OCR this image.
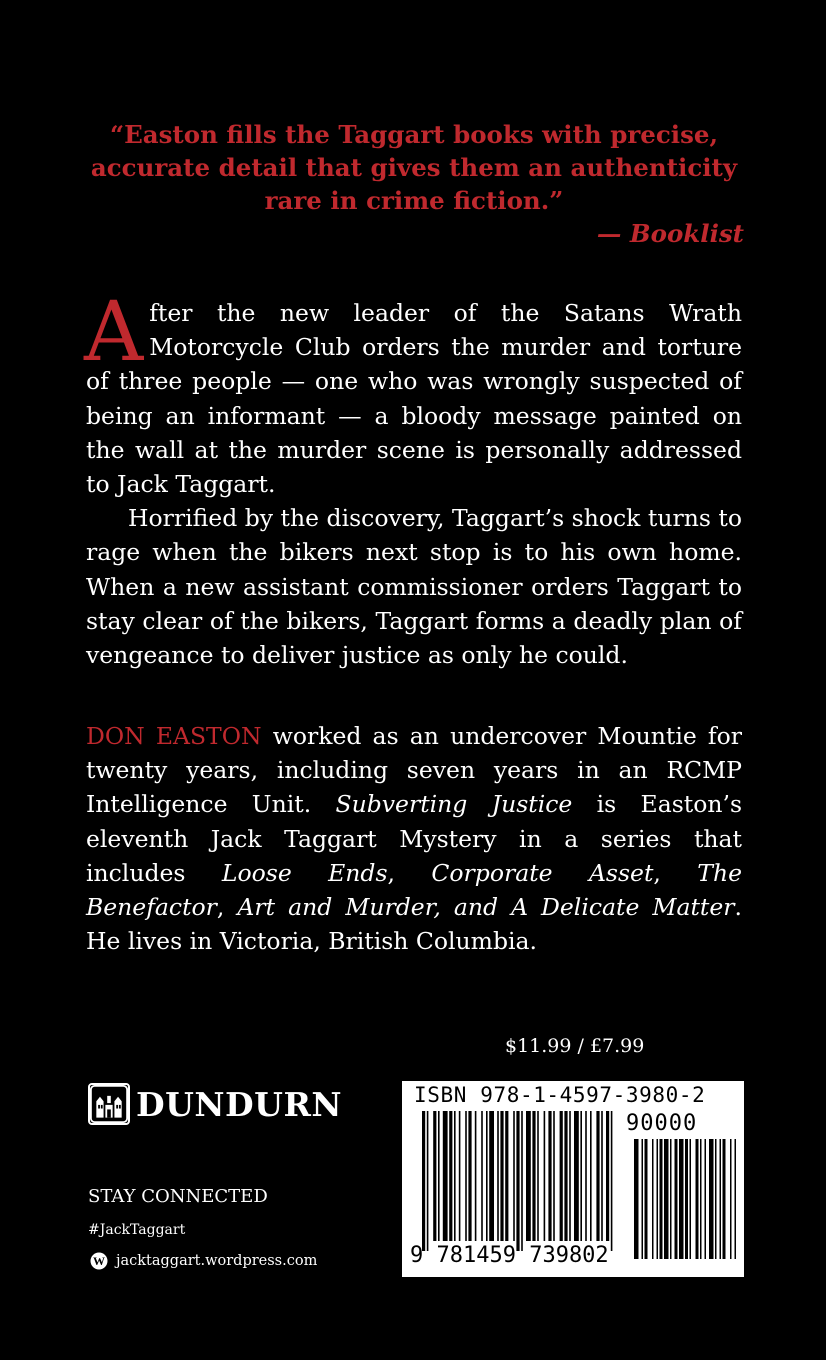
“Easton fills the Taggart books with precise, accurate detail that gives them an authenticity rare in crime fiction.”
— Booklist

After the new leader of the Satans Wrath Motorcycle Club orders the murder and torture of three people — one who was wrongly suspected of being an informant — a bloody message painted on the wall at the murder scene is personally addressed to Jack Taggart.

Horrified by the discovery, Taggart’s shock turns to rage when the bikers next stop is to his own home. When a new assistant commissioner orders Taggart to stay clear of the bikers, Taggart forms a deadly plan of vengeance to deliver justice as only he could.

DON EASTON worked as an undercover Mountie for twenty years, including seven years in an RCMP Intelligence Unit. Subverting Justice is Easton’s eleventh Jack Taggart Mystery in a series that includes Loose Ends, Corporate Asset, The Benefactor, Art and Murder, and A Delicate Matter. He lives in Victoria, British Columbia.

$11.99 / £7.99
DUNDURN
STAY CONNECTED
#JackTaggart
W jacktaggart.wordpress.com
ISBN 978-1-4597-3980-2
90000
9 781459 739802
